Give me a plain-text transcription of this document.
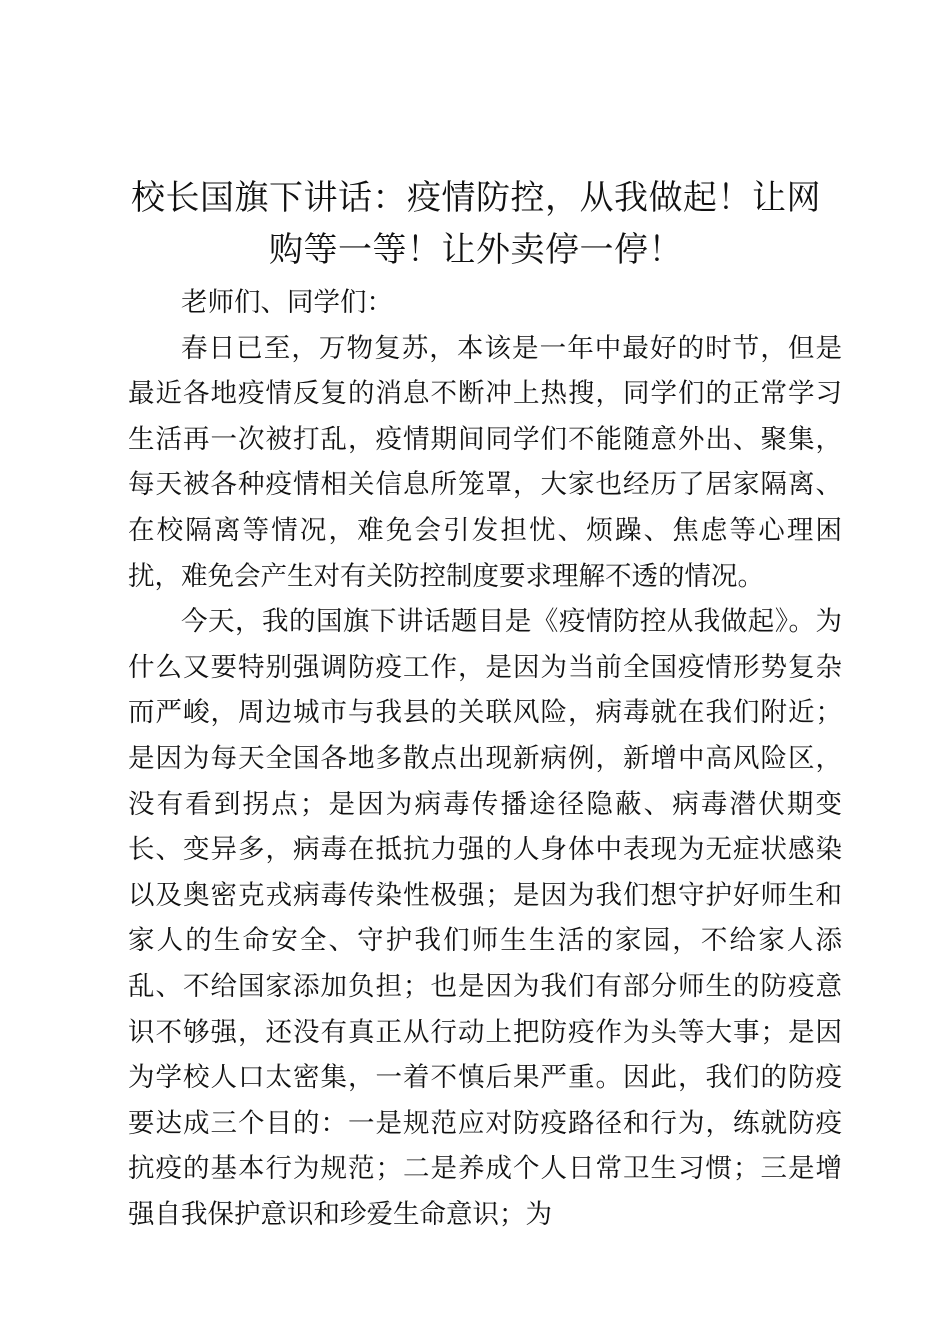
校长国旗下讲话：疫情防控，从我做起！让网购等一等！让外卖停一停！

老师们、同学们：

春日已至，万物复苏，本该是一年中最好的时节，但是最近各地疫情反复的消息不断冲上热搜，同学们的正常学习生活再一次被打乱，疫情期间同学们不能随意外出、聚集，每天被各种疫情相关信息所笼罩，大家也经历了居家隔离、在校隔离等情况，难免会引发担忧、烦躁、焦虑等心理困扰，难免会产生对有关防控制度要求理解不透的情况。

今天，我的国旗下讲话题目是《疫情防控从我做起》。为什么又要特别强调防疫工作，是因为当前全国疫情形势复杂而严峻，周边城市与我县的关联风险，病毒就在我们附近；是因为每天全国各地多散点出现新病例，新增中高风险区，没有看到拐点；是因为病毒传播途径隐蔽、病毒潜伏期变长、变异多，病毒在抵抗力强的人身体中表现为无症状感染以及奥密克戎病毒传染性极强；是因为我们想守护好师生和家人的生命安全、守护我们师生生活的家园，不给家人添乱、不给国家添加负担；也是因为我们有部分师生的防疫意识不够强，还没有真正从行动上把防疫作为头等大事；是因为学校人口太密集，一着不慎后果严重。因此，我们的防疫要达成三个目的：一是规范应对防疫路径和行为，练就防疫抗疫的基本行为规范；二是养成个人日常卫生习惯；三是增强自我保护意识和珍爱生命意识；为
